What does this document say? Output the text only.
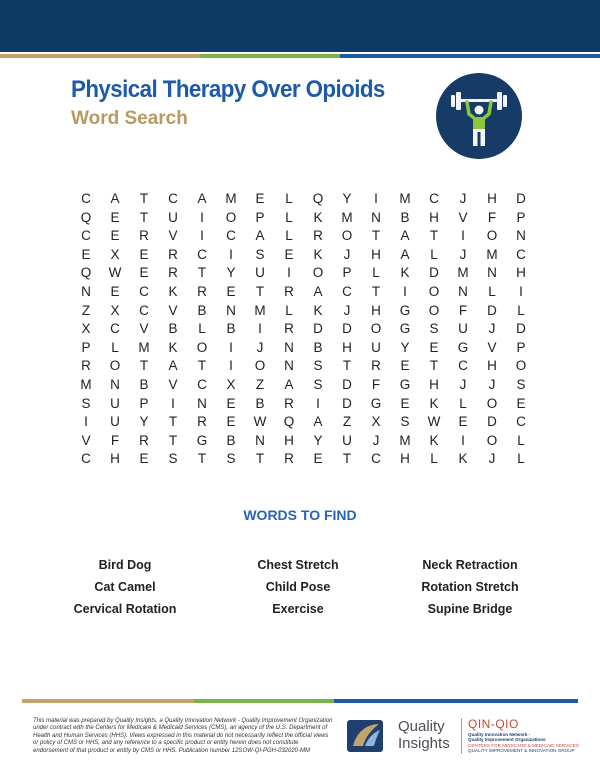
Physical Therapy Over Opioids
Word Search
C	A	T	C	A	M	E	L	Q	Y	I	M	C	J	H	D
Q	E	T	U	I	O	P	L	K	M	N	B	H	V	F	P
C	E	R	V	I	C	A	L	R	O	T	A	T	I	O	N
E	X	E	R	C	I	S	E	K	J	H	A	L	J	M	C
Q	W	E	R	T	Y	U	I	O	P	L	K	D	M	N	H
N	E	C	K	R	E	T	R	A	C	T	I	O	N	L	I
Z	X	C	V	B	N	M	L	K	J	H	G	O	F	D	L
X	C	V	B	L	B	I	R	D	D	O	G	S	U	J	D
P	L	M	K	O	I	J	N	B	H	U	Y	E	G	V	P
R	O	T	A	T	I	O	N	S	T	R	E	T	C	H	O
M	N	B	V	C	X	Z	A	S	D	F	G	H	J	J	S
S	U	P	I	N	E	B	R	I	D	G	E	K	L	O	E
I	U	Y	T	R	E	W	Q	A	Z	X	S	W	E	D	C
V	F	R	T	G	B	N	H	Y	U	J	M	K	I	O	L
C	H	E	S	T	S	T	R	E	T	C	H	L	K	J	L
WORDS TO FIND
Bird Dog
Cat Camel
Cervical Rotation
Chest Stretch
Child Pose
Exercise
Neck Retraction
Rotation Stretch
Supine Bridge
This material was prepared by Quality Insights, a Quality Innovation Network - Quality Improvement Organization under contract with the Centers for Medicare & Medicaid Services (CMS), an agency of the U.S. Department of Health and Human Services (HHS). Views expressed in this material do not necessarily reflect the official views or policy of CMS or HHS, and any reference to a specific product or entity herein does not constitute endorsement of that product or entity by CMS or HHS. Publication number 12SOW-QI-PGH-032020-MM
Quality
Insights
QIN-QIO
Quality Innovation Network -
Quality Improvement Organizations
CENTERS FOR MEDICARE & MEDICAID SERVICES
QUALITY IMPROVEMENT & INNOVATION GROUP
